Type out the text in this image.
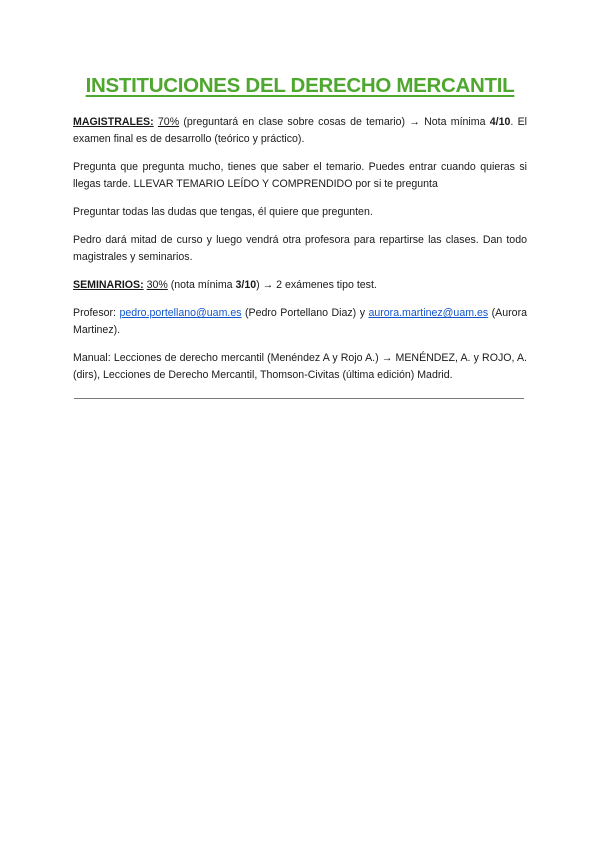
INSTITUCIONES DEL DERECHO MERCANTIL

MAGISTRALES: 70% (preguntará en clase sobre cosas de temario) → Nota mínima 4/10. El examen final es de desarrollo (teórico y práctico).

Pregunta que pregunta mucho, tienes que saber el temario. Puedes entrar cuando quieras si llegas tarde. LLEVAR TEMARIO LEÍDO Y COMPRENDIDO por si te pregunta

Preguntar todas las dudas que tengas, él quiere que pregunten.

Pedro dará mitad de curso y luego vendrá otra profesora para repartirse las clases. Dan todo magistrales y seminarios.

SEMINARIOS: 30% (nota mínima 3/10) → 2 exámenes tipo test.

Profesor: pedro.portellano@uam.es (Pedro Portellano Diaz) y aurora.martinez@uam.es (Aurora Martinez).

Manual: Lecciones de derecho mercantil (Menéndez A y Rojo A.) → MENÉNDEZ, A. y ROJO, A. (dirs), Lecciones de Derecho Mercantil, Thomson-Civitas (última edición) Madrid.
